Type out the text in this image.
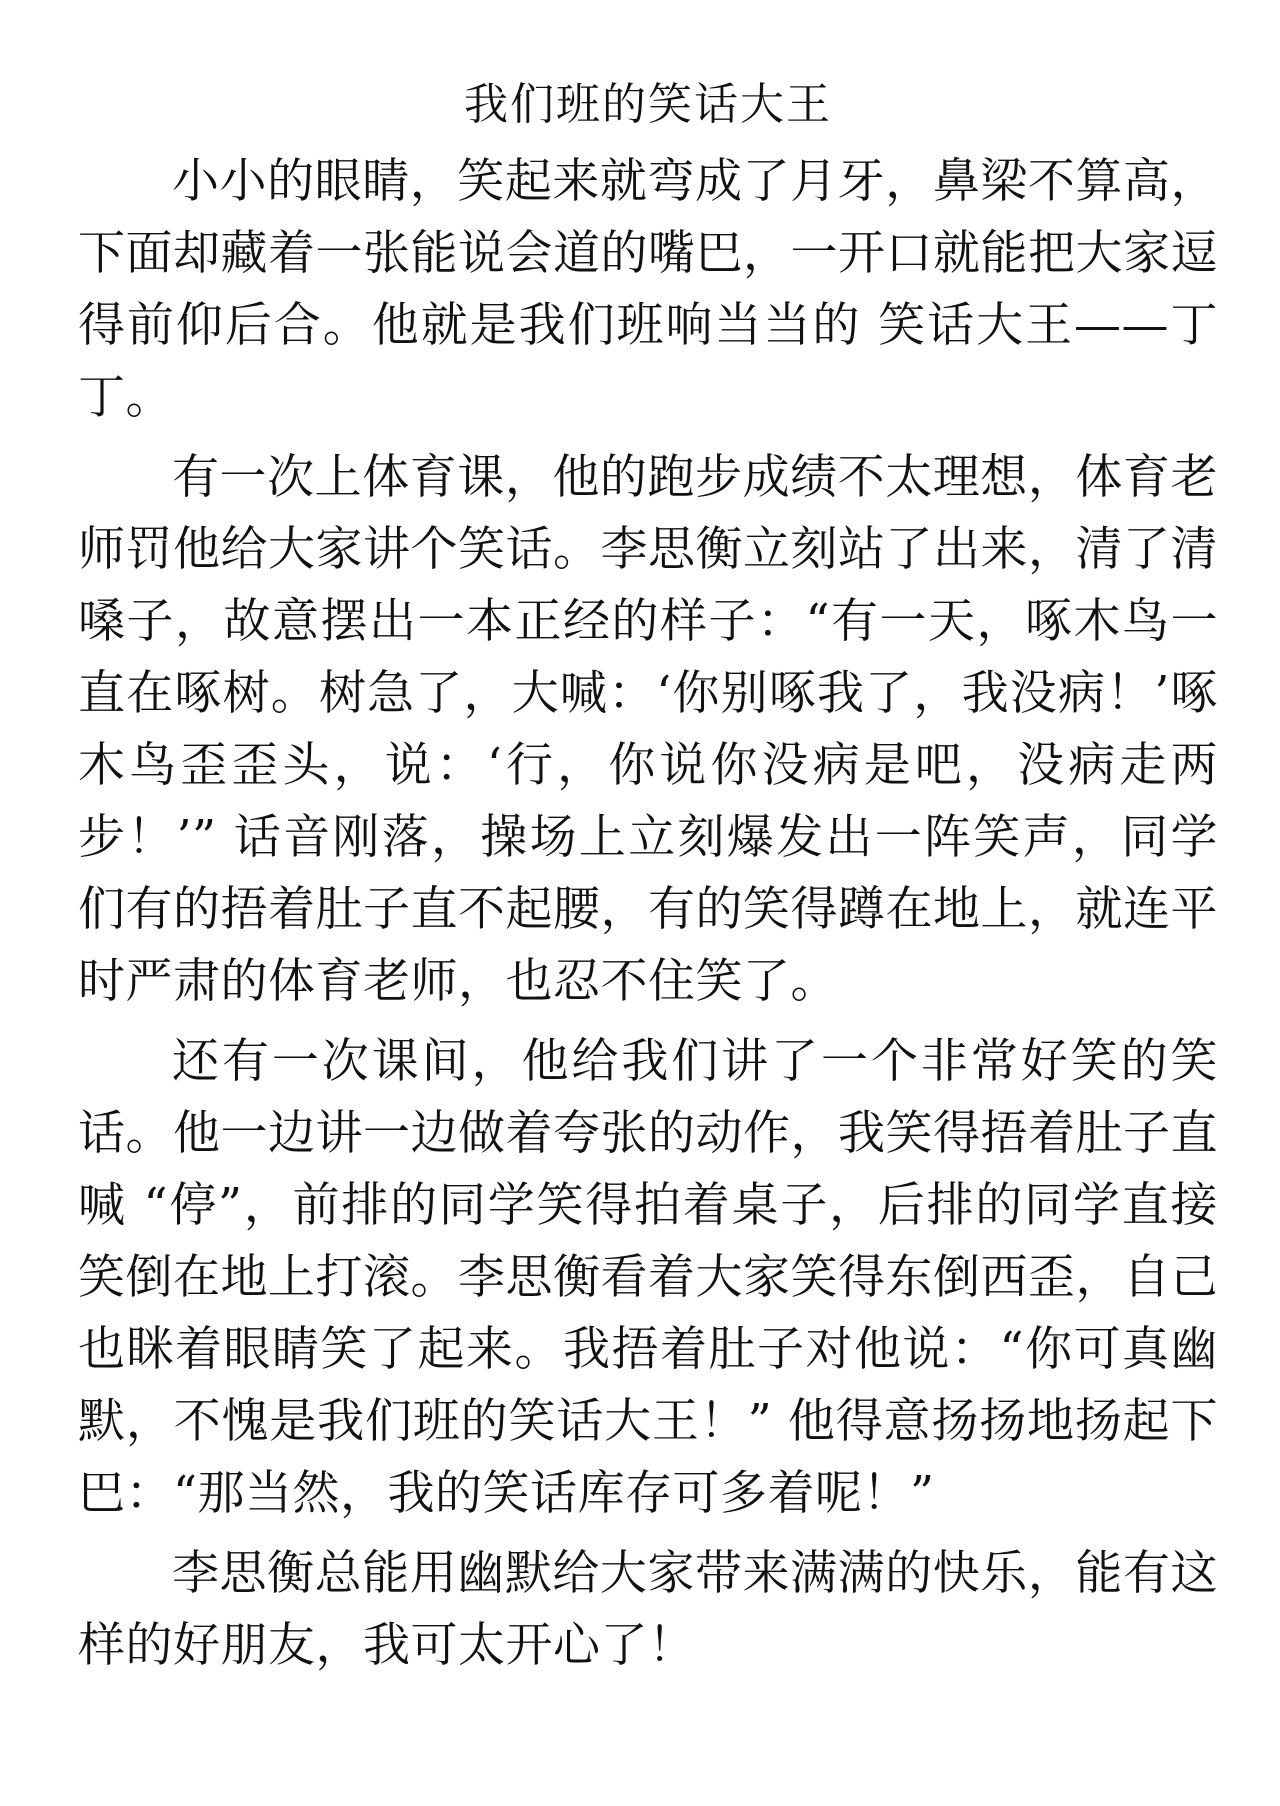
我们班的笑话大王

小小的眼睛，笑起来就弯成了月牙，鼻梁不算高，下面却藏着一张能说会道的嘴巴，一开口就能把大家逗得前仰后合。他就是我们班响当当的 笑话大王——丁丁。

有一次上体育课，他的跑步成绩不太理想，体育老师罚他给大家讲个笑话。李思衡立刻站了出来，清了清嗓子，故意摆出一本正经的样子：“有一天，啄木鸟一直在啄树。树急了，大喊：‘你别啄我了，我没病！’啄木鸟歪歪头，说：‘行，你说你没病是吧，没病走两步！’” 话音刚落，操场上立刻爆发出一阵笑声，同学们有的捂着肚子直不起腰，有的笑得蹲在地上，就连平时严肃的体育老师，也忍不住笑了。

还有一次课间，他给我们讲了一个非常好笑的笑话。他一边讲一边做着夸张的动作，我笑得捂着肚子直喊 “停”，前排的同学笑得拍着桌子，后排的同学直接笑倒在地上打滚。李思衡看着大家笑得东倒西歪，自己也眯着眼睛笑了起来。我捂着肚子对他说：“你可真幽默，不愧是我们班的笑话大王！” 他得意扬扬地扬起下巴：“那当然，我的笑话库存可多着呢！”

李思衡总能用幽默给大家带来满满的快乐，能有这样的好朋友，我可太开心了！
